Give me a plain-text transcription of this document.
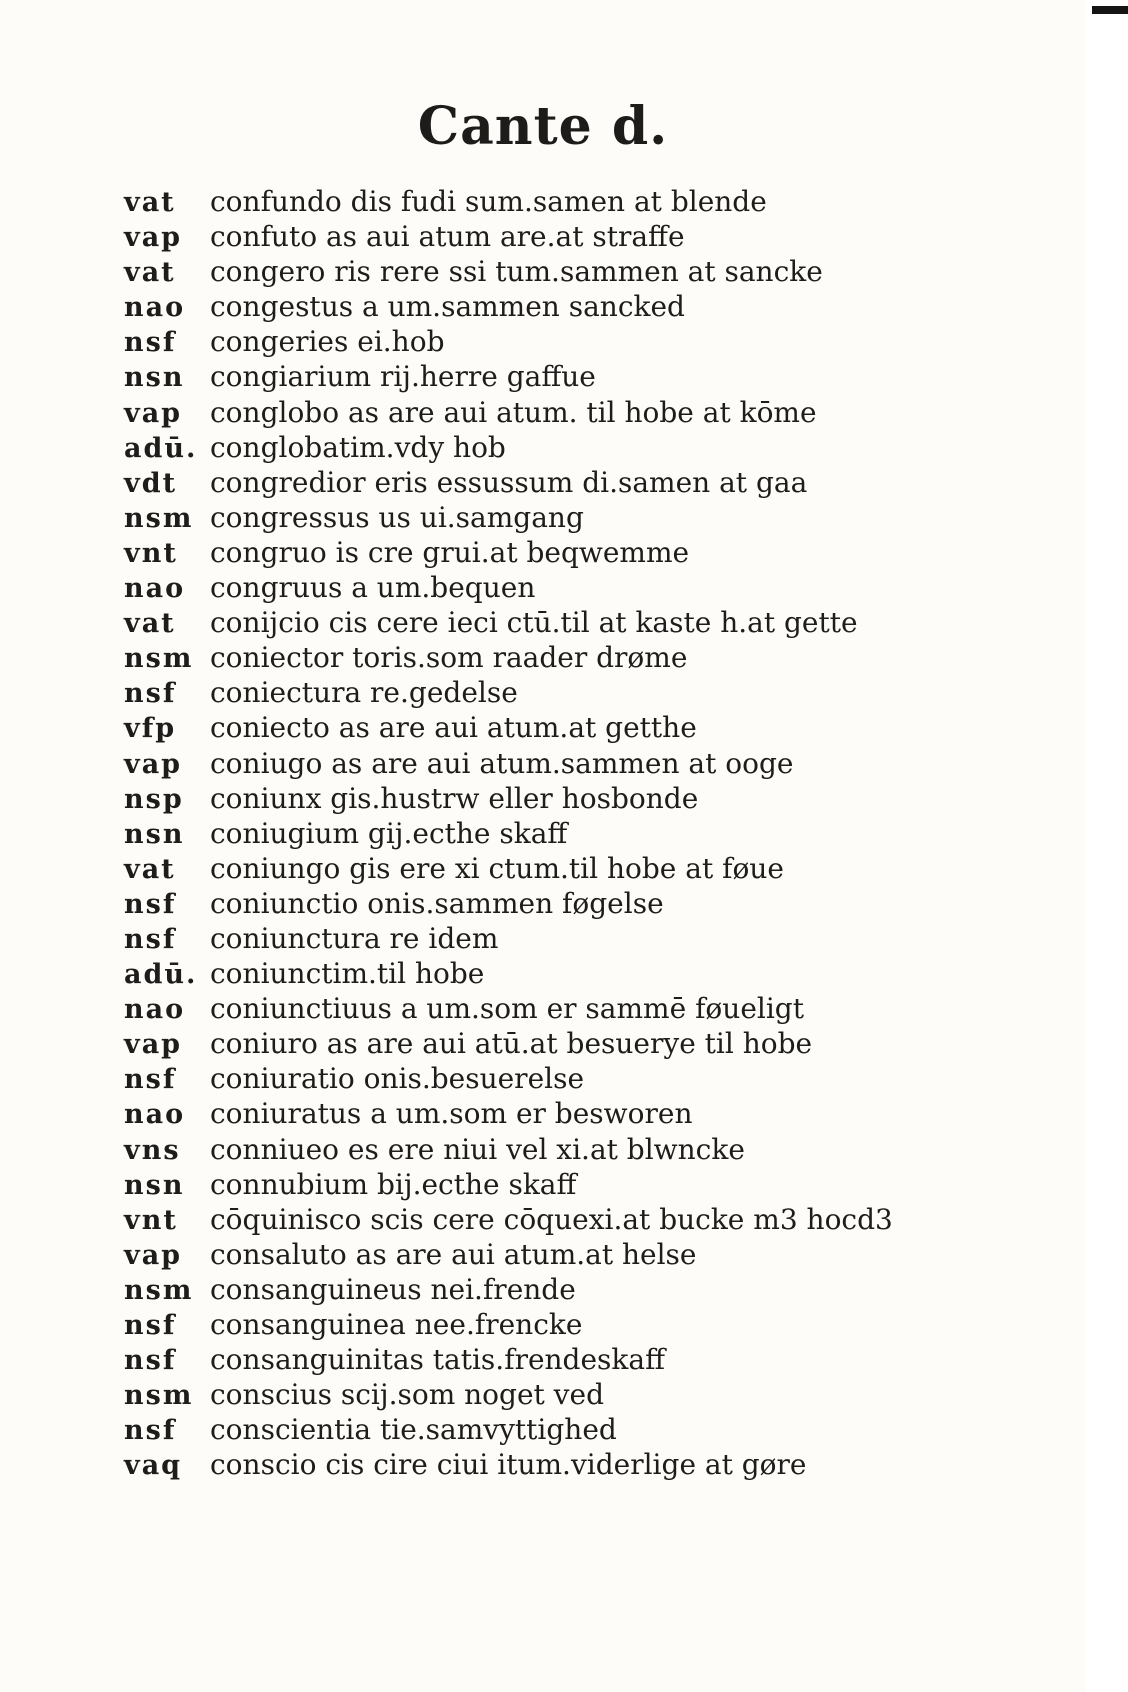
Cante d.
vat	confundo dis fudi sum.samen at blende
vap confuto as aui atum are.at straffe
vat	congero ris rere ssi tum.sammen at sancke
nao congestus a um.sammen sancked
nsf	congeries ei.hob
nsn congiarium rij.herre gaffue
vap conglobo as are aui atum. til hobe at kōme
adū. conglobatim.vdy hob
vdt	congredior eris essussum di.samen at gaa
nsm congressus us ui.samgang
vnt	congruo is cre grui.at beqwemme
nao congruus a um.bequen
vat	conijcio cis cere ieci ctū.til at kaste h.at gette
nsm coniector toris.som raader drøme
nsf	coniectura re.gedelse
vfp	coniecto as are aui atum.at getthe
vap coniugo as are aui atum.sammen at ooge
nsp coniunx gis.hustrw eller hosbonde
nsn coniugium gij.ecthe skaff
vat	coniungo gis ere xi ctum.til hobe at føue
nsf	coniunctio onis.sammen føgelse
nsf	coniunctura re idem
adū. coniunctim.til hobe
nao coniunctiuus a um.som er sammē føueligt
vap coniuro as are aui atū.at besuerye til hobe
nsf	coniuratio onis.besuerelse
nao coniuratus a um.som er besworen
vns	conniueo es ere niui vel xi.at blwncke
nsn connubium bij.ecthe skaff
vnt	cōquinisco scis cere cōquexi.at bucke m3 hocd3
vap consaluto as are aui atum.at helse
nsm consanguineus nei.frende
nsf	consanguinea nee.frencke
nsf	consanguinitas tatis.frendeskaff
nsm conscius scij.som noget ved
nsf	conscientia tie.samvyttighed
vaq conscio cis cire ciui itum.viderlige at gøre
